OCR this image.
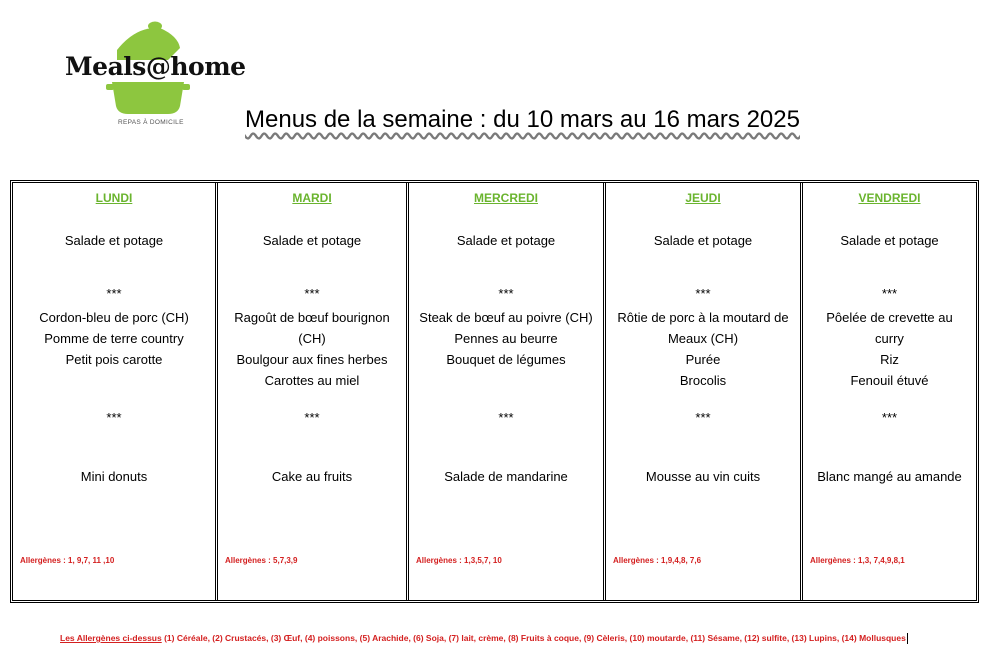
Meals@home
REPAS À DOMICILE	Menus de la semaine : du 10 mars au 16 mars 2025
LUNDI
Salade et potage
***
Cordon-bleu de porc (CH)
Pomme de terre country
Petit pois carotte
***
Mini donuts
Allergènes : 1, 9,7, 11 ,10
MARDI
Salade et potage
***
Ragoût de bœuf bourignon
(CH)
Boulgour aux fines herbes
Carottes au miel
***
Cake au fruits
Allergènes : 5,7,3,9
MERCREDI
Salade et potage
***
Steak de bœuf au poivre (CH)
Pennes au beurre
Bouquet de légumes
***
Salade de mandarine
Allergènes : 1,3,5,7, 10
JEUDI
Salade et potage
***
Rôtie de porc à la moutard de
Meaux (CH)
Purée
Brocolis
***
Mousse au vin cuits
Allergènes : 1,9,4,8, 7,6
VENDREDI
Salade et potage
***
Pôelée de crevette au
curry
Riz
Fenouil étuvé
***
Blanc mangé au amande
Allergènes : 1,3, 7,4,9,8,1
Les Allergènes ci-dessus (1) Céréale, (2) Crustacés, (3) Œuf, (4) poissons, (5) Arachide, (6) Soja, (7) lait, crème, (8) Fruits à coque, (9) Cèleris, (10) moutarde, (11) Sésame, (12) sulfite, (13) Lupins, (14) Mollusques
